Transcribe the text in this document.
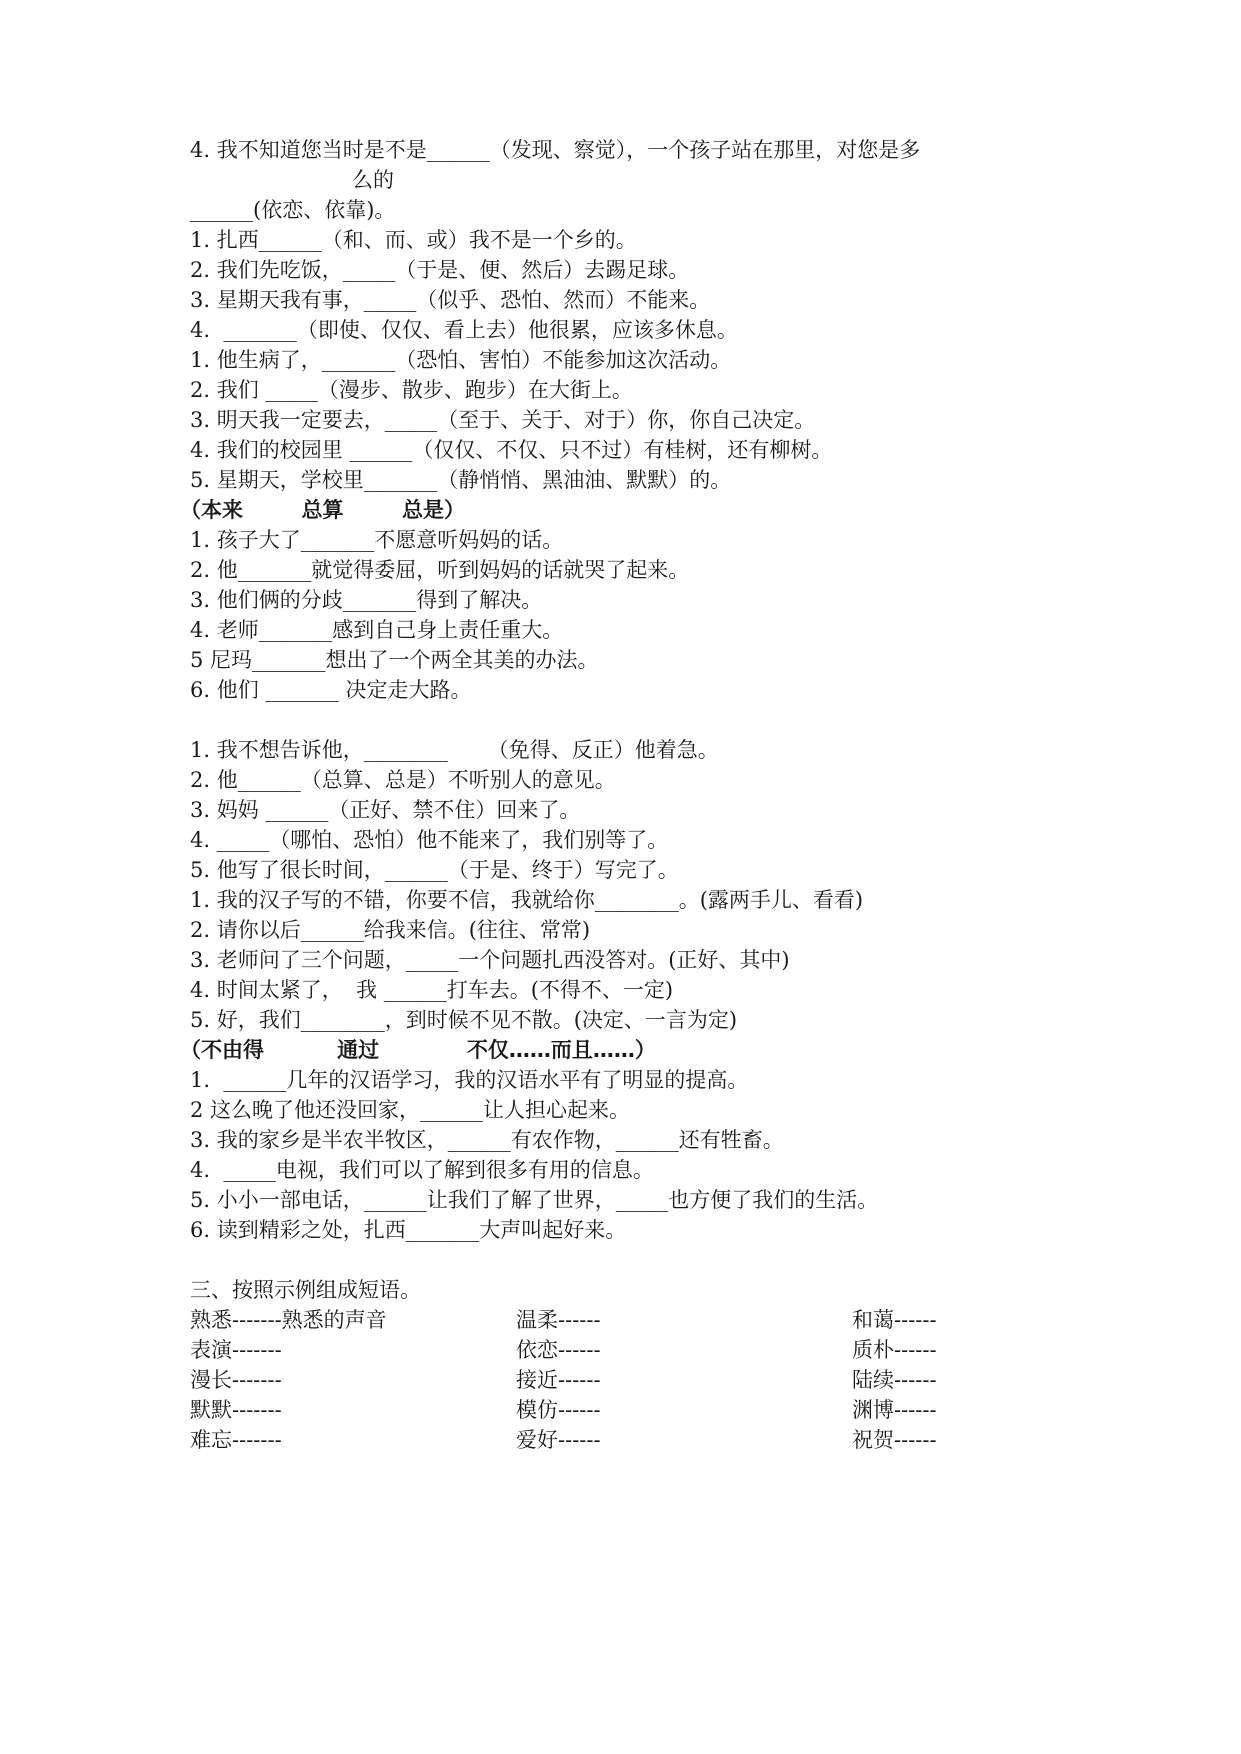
4. 我不知道您当时是不是______（发现、察觉），一个孩子站在那里，对您是多
么的
______(依恋、依靠)。
1. 扎西______（和、而、或）我不是一个乡的。
2. 我们先吃饭，_____（于是、便、然后）去踢足球。
3. 星期天我有事，_____（似乎、恐怕、然而）不能来。
4.  _______（即使、仅仅、看上去）他很累，应该多休息。
1. 他生病了，_______（恐怕、害怕）不能参加这次活动。
2. 我们 _____（漫步、散步、跑步）在大街上。
3. 明天我一定要去，_____（至于、关于、对于）你，你自己决定。
4. 我们的校园里 ______（仅仅、不仅、只不过）有桂树，还有柳树。
5. 星期天，学校里_______（静悄悄、黑油油、默默）的。
（本来        总算        总是）
1. 孩子大了_______不愿意听妈妈的话。
2. 他_______就觉得委屈，听到妈妈的话就哭了起来。
3. 他们俩的分歧_______得到了解决。
4. 老师_______感到自己身上责任重大。
5 尼玛_______想出了一个两全其美的办法。
6. 他们 _______ 决定走大路。
1. 我不想告诉他，________      （免得、反正）他着急。
2. 他______（总算、总是）不听别人的意见。
3. 妈妈 ______（正好、禁不住）回来了。
4. _____（哪怕、恐怕）他不能来了，我们别等了。
5. 他写了很长时间，______（于是、终于）写完了。
1. 我的汉子写的不错，你要不信，我就给你________。(露两手儿、看看)
2. 请你以后______给我来信。(往往、常常)
3. 老师问了三个问题，_____一个问题扎西没答对。(正好、其中)
4. 时间太紧了，  我 ______打车去。(不得不、一定)
5. 好，我们________，到时候不见不散。(决定、一言为定)
（不由得          通过            不仅……而且……）
1.  ______几年的汉语学习，我的汉语水平有了明显的提高。
2 这么晚了他还没回家，______让人担心起来。
3. 我的家乡是半农半牧区，______有农作物，______还有牲畜。
4.  _____电视，我们可以了解到很多有用的信息。
5. 小小一部电话，______让我们了解了世界，_____也方便了我们的生活。
6. 读到精彩之处，扎西_______大声叫起好来。
三、按照示例组成短语。
熟悉-------熟悉的声音
表演-------
漫长-------
默默-------
难忘-------
温柔------
依恋------
接近------
模仿------
爱好------
和蔼------
质朴------
陆续------
渊博------
祝贺------
